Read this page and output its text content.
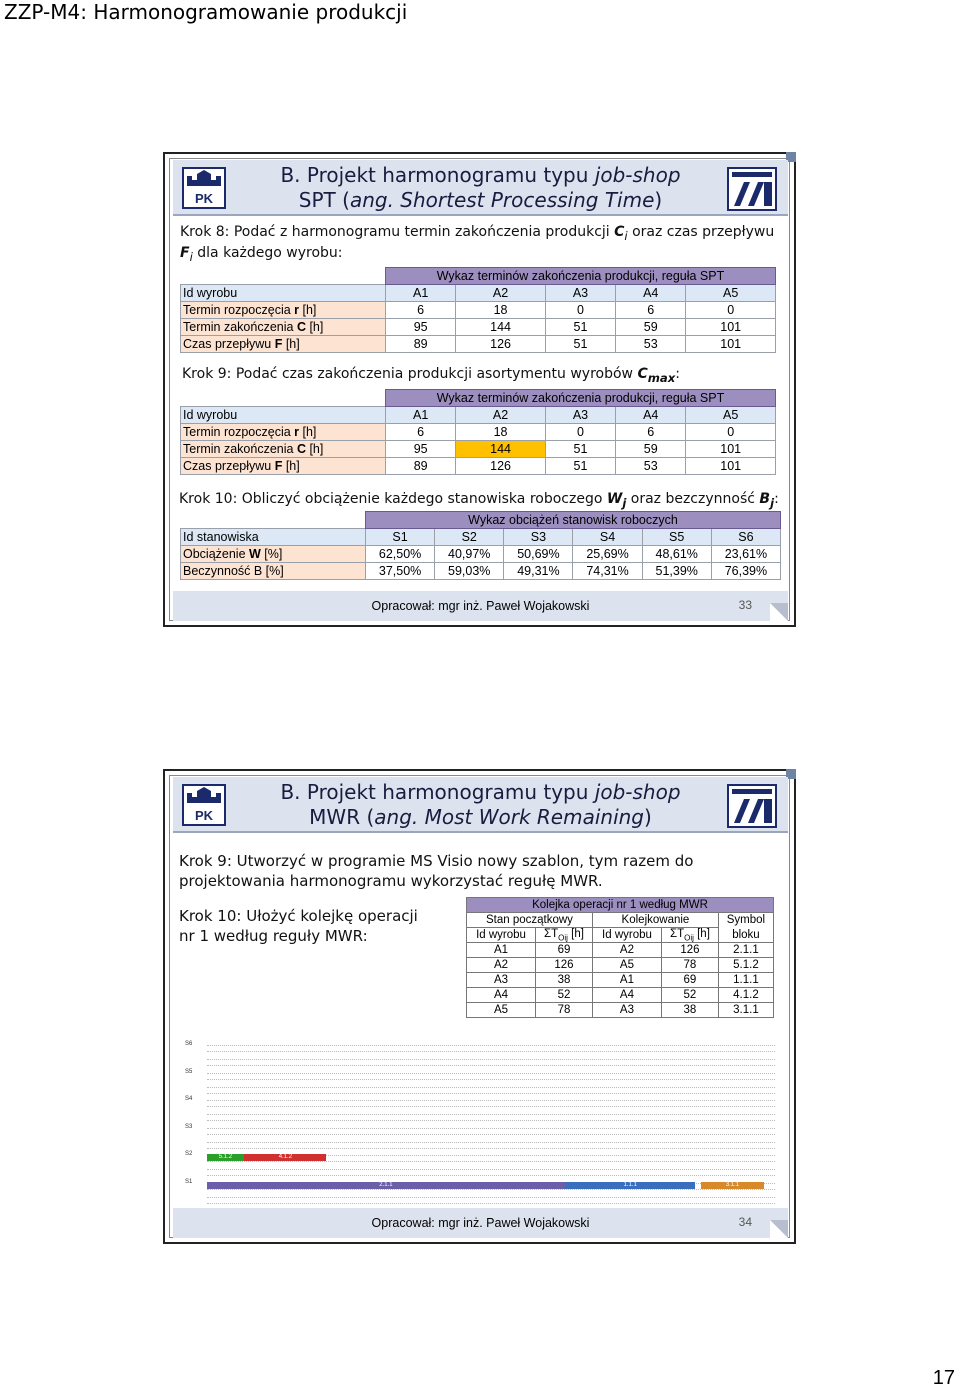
ZZP-M4: Harmonogramowanie produkcji
PK
B. Projekt harmonogramu typu job-shop
SPT (ang. Shortest Processing Time)
Krok 8: Podać z harmonogramu termin zakończenia produkcji $C_i$ oraz czas przepływu $F_i$ dla każdego wyrobu:
	Wykaz terminów zakończenia produkcji, reguła SPT				
Id wyrobu	A1	A2	A3	A4	A5
Termin rozpoczęcia r [h]	6	18	0	6	0
Termin zakończenia C [h]	95	144	51	59	101
Czas przepływu F [h]	89	126	51	53	101
Krok 9: Podać czas zakończenia produkcji asortymentu wyrobów $C_{max}$:
	Wykaz terminów zakończenia produkcji, reguła SPT				
Id wyrobu	A1	A2	A3	A4	A5
Termin rozpoczęcia r [h]	6	18	0	6	0
Termin zakończenia C [h]	95	144	51	59	101
Czas przepływu F [h]	89	126	51	53	101
Krok 10: Obliczyć obciążenie każdego stanowiska roboczego $W_j$ oraz bezczynność $B_j$:
	Wykaz obciążeń stanowisk roboczych					
Id stanowiska	S1	S2	S3	S4	S5	S6
Obciążenie W [%]	62,50%	40,97%	50,69%	25,69%	48,61%	23,61%
Beczynność B [%]	37,50%	59,03%	49,31%	74,31%	51,39%	76,39%
Opracował: mgr inż. Paweł Wojakowski	33
PK
B. Projekt harmonogramu typu job-shop
MWR (ang. Most Work Remaining)
Krok 9: Utworzyć w programie MS Visio nowy szablon, tym razem do
projektowania harmonogramu wykorzystać regułę MWR.
Krok 10: Ułożyć kolejkę operacji
nr 1 według reguły MWR:
Kolejka operacji nr 1 według MWR				
Stan początkowy		Kolejkowanie		Symbol
Id wyrobu	$\Sigma T_{Oij}$ [h]	Id wyrobu	$\Sigma T_{Oij}$ [h]	bloku
A1	69	A2	126	2.1.1
A2	126	A5	78	5.1.2
A3	38	A1	69	1.1.1
A4	52	A4	52	4.1.2
A5	78	A3	38	3.1.1
S6
S5
S4
S3
S2
S1
5.1.2	4.1.2
2.1.1	1.1.1	3.1.1
Opracował: mgr inż. Paweł Wojakowski	34
17
